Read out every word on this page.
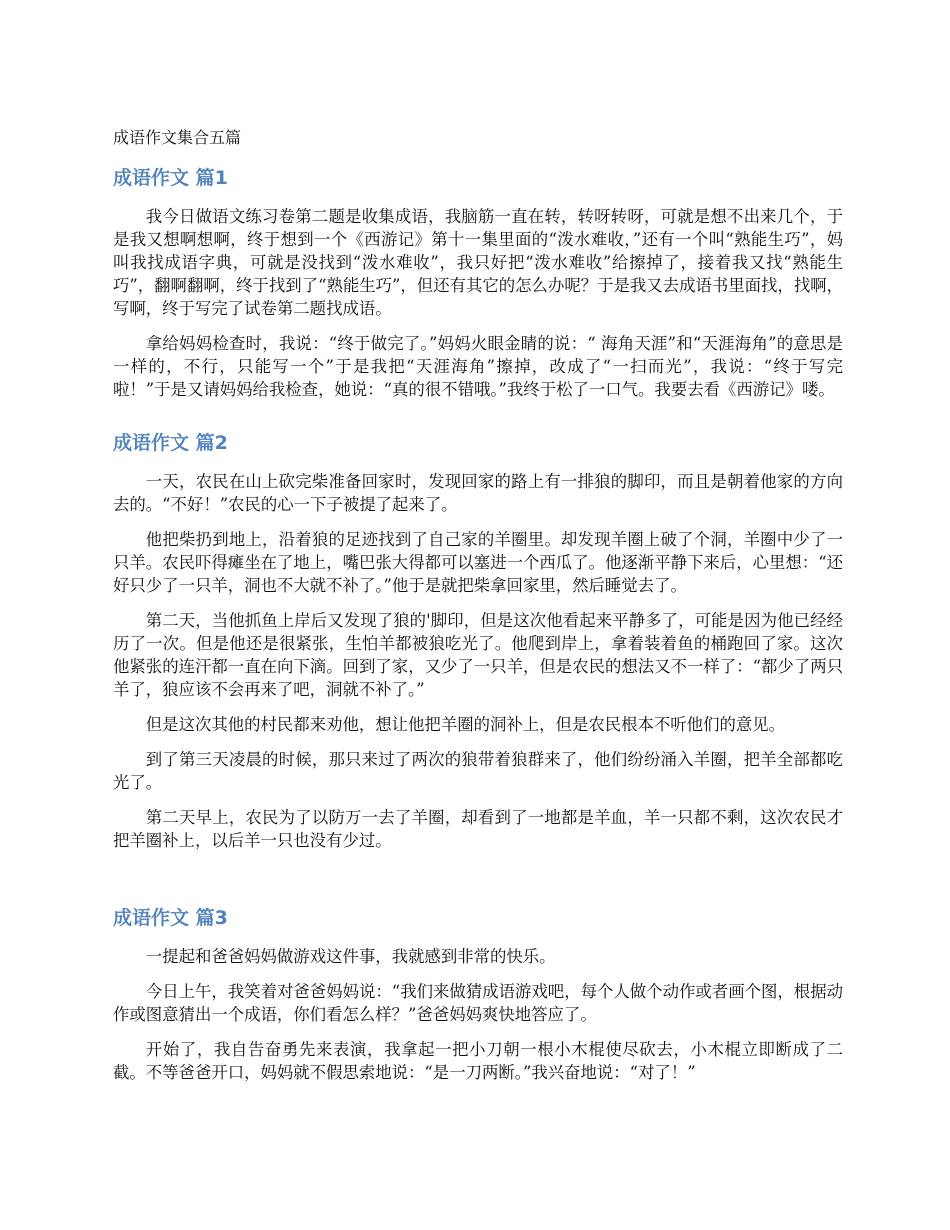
成语作文集合五篇

成语作文 篇1

我今日做语文练习卷第二题是收集成语，我脑筋一直在转，转呀转呀，可就是想不出来几个，于是我又想啊想啊，终于想到一个《西游记》第十一集里面的“泼水难收，”还有一个叫“熟能生巧”，妈叫我找成语字典，可就是没找到“泼水难收”，我只好把“泼水难收”给擦掉了，接着我又找“熟能生巧”，翻啊翻啊，终于找到了“熟能生巧”，但还有其它的怎么办呢？于是我又去成语书里面找，找啊，写啊，终于写完了试卷第二题找成语。

拿给妈妈检查时，我说：“终于做完了。”妈妈火眼金睛的说：“ 海角天涯”和“天涯海角”的意思是一样的，不行，只能写一个”于是我把“天涯海角”擦掉，改成了“一扫而光”，我说：“终于写完啦！”于是又请妈妈给我检查，她说：“真的很不错哦。”我终于松了一口气。我要去看《西游记》喽。

成语作文 篇2

一天，农民在山上砍完柴准备回家时，发现回家的路上有一排狼的脚印，而且是朝着他家的方向去的。“不好！”农民的心一下子被提了起来了。

他把柴扔到地上，沿着狼的足迹找到了自己家的羊圈里。却发现羊圈上破了个洞，羊圈中少了一只羊。农民吓得瘫坐在了地上，嘴巴张大得都可以塞进一个西瓜了。他逐渐平静下来后，心里想：“还好只少了一只羊，洞也不大就不补了。”他于是就把柴拿回家里，然后睡觉去了。

第二天，当他抓鱼上岸后又发现了狼的'脚印，但是这次他看起来平静多了，可能是因为他已经经历了一次。但是他还是很紧张，生怕羊都被狼吃光了。他爬到岸上，拿着装着鱼的桶跑回了家。这次他紧张的连汗都一直在向下滴。回到了家，又少了一只羊，但是农民的想法又不一样了：“都少了两只羊了，狼应该不会再来了吧，洞就不补了。”

但是这次其他的村民都来劝他，想让他把羊圈的洞补上，但是农民根本不听他们的意见。

到了第三天凌晨的时候，那只来过了两次的狼带着狼群来了，他们纷纷涌入羊圈，把羊全部都吃光了。

第二天早上，农民为了以防万一去了羊圈，却看到了一地都是羊血，羊一只都不剩，这次农民才把羊圈补上，以后羊一只也没有少过。

成语作文 篇3

一提起和爸爸妈妈做游戏这件事，我就感到非常的快乐。

今日上午，我笑着对爸爸妈妈说：“我们来做猜成语游戏吧，每个人做个动作或者画个图，根据动作或图意猜出一个成语，你们看怎么样？”爸爸妈妈爽快地答应了。

开始了，我自告奋勇先来表演，我拿起一把小刀朝一根小木棍使尽砍去，小木棍立即断成了二截。不等爸爸开口，妈妈就不假思索地说：“是一刀两断。”我兴奋地说：“对了！”
